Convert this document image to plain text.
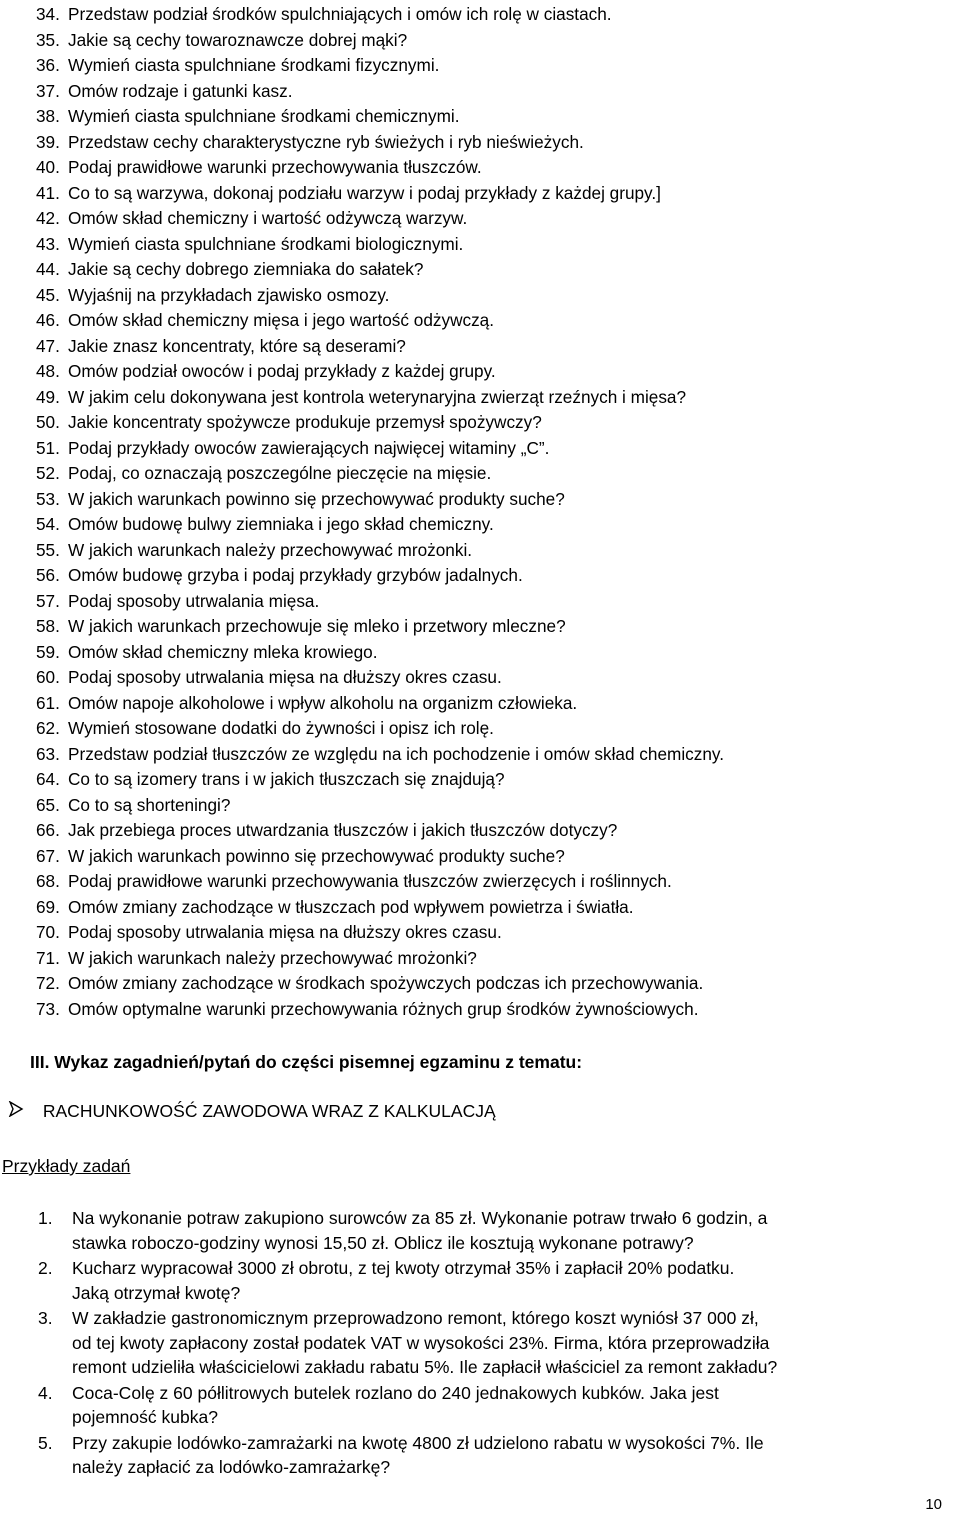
34. Przedstaw podział środków spulchniających i omów ich rolę w ciastach.
35. Jakie są cechy towaroznawcze dobrej mąki?
36. Wymień ciasta spulchniane środkami fizycznymi.
37. Omów rodzaje i gatunki kasz.
38. Wymień ciasta spulchniane środkami chemicznymi.
39. Przedstaw cechy charakterystyczne ryb świeżych i ryb nieświeżych.
40. Podaj prawidłowe warunki przechowywania tłuszczów.
41. Co to są warzywa, dokonaj podziału warzyw i podaj przykłady z każdej grupy.]
42. Omów skład chemiczny i wartość odżywczą warzyw.
43. Wymień ciasta spulchniane środkami biologicznymi.
44. Jakie są cechy dobrego ziemniaka do sałatek?
45. Wyjaśnij na przykładach zjawisko osmozy.
46. Omów skład chemiczny mięsa i jego wartość odżywczą.
47. Jakie znasz koncentraty, które są deserami?
48. Omów podział owoców i podaj przykłady z każdej grupy.
49. W jakim celu dokonywana jest kontrola weterynaryjna zwierząt rzeźnych i mięsa?
50. Jakie koncentraty spożywcze produkuje przemysł spożywczy?
51. Podaj przykłady owoców zawierających najwięcej witaminy „C”.
52. Podaj, co oznaczają poszczególne pieczęcie na mięsie.
53. W jakich warunkach powinno się przechowywać produkty suche?
54. Omów budowę bulwy ziemniaka i jego skład chemiczny.
55. W jakich warunkach należy przechowywać mrożonki.
56. Omów budowę grzyba i podaj przykłady grzybów jadalnych.
57. Podaj sposoby utrwalania mięsa.
58. W jakich warunkach przechowuje się mleko i przetwory mleczne?
59. Omów skład chemiczny mleka krowiego.
60. Podaj sposoby utrwalania mięsa na dłuższy okres czasu.
61. Omów napoje alkoholowe i wpływ alkoholu na organizm człowieka.
62. Wymień stosowane dodatki do żywności i opisz ich rolę.
63. Przedstaw podział tłuszczów ze względu na ich pochodzenie i omów skład chemiczny.
64. Co to są izomery trans i w jakich tłuszczach się znajdują?
65. Co to są shorteningi?
66. Jak przebiega proces utwardzania tłuszczów i jakich tłuszczów dotyczy?
67. W jakich warunkach powinno się przechowywać produkty suche?
68. Podaj prawidłowe warunki przechowywania tłuszczów zwierzęcych i roślinnych.
69. Omów zmiany zachodzące w tłuszczach pod wpływem powietrza i światła.
70. Podaj sposoby utrwalania mięsa na dłuższy okres czasu.
71. W jakich warunkach należy przechowywać mrożonki?
72. Omów zmiany zachodzące w środkach spożywczych podczas ich przechowywania.
73. Omów optymalne warunki przechowywania różnych grup środków żywnościowych.
III. Wykaz zagadnień/pytań do części pisemnej egzaminu z tematu:
RACHUNKOWOŚĆ ZAWODOWA WRAZ Z KALKULACJĄ
Przykłady zadań
1. Na wykonanie potraw zakupiono surowców za 85 zł. Wykonanie potraw trwało 6 godzin, a
stawka roboczo-godziny wynosi 15,50 zł. Oblicz ile kosztują wykonane potrawy?
2. Kucharz wypracował 3000 zł obrotu, z tej kwoty otrzymał 35% i zapłacił 20% podatku.
Jaką otrzymał kwotę?
3. W zakładzie gastronomicznym przeprowadzono remont, którego koszt wyniósł 37 000 zł,
od tej kwoty zapłacony został podatek VAT w wysokości 23%. Firma, która przeprowadziła
remont udzieliła właścicielowi zakładu rabatu 5%. Ile zapłacił właściciel za remont zakładu?
4. Coca-Colę z 60 półlitrowych butelek rozlano do 240 jednakowych kubków. Jaka jest
pojemność kubka?
5. Przy zakupie lodówko-zamrażarki na kwotę 4800 zł udzielono rabatu w wysokości 7%. Ile
należy zapłacić za lodówko-zamrażarkę?
10
